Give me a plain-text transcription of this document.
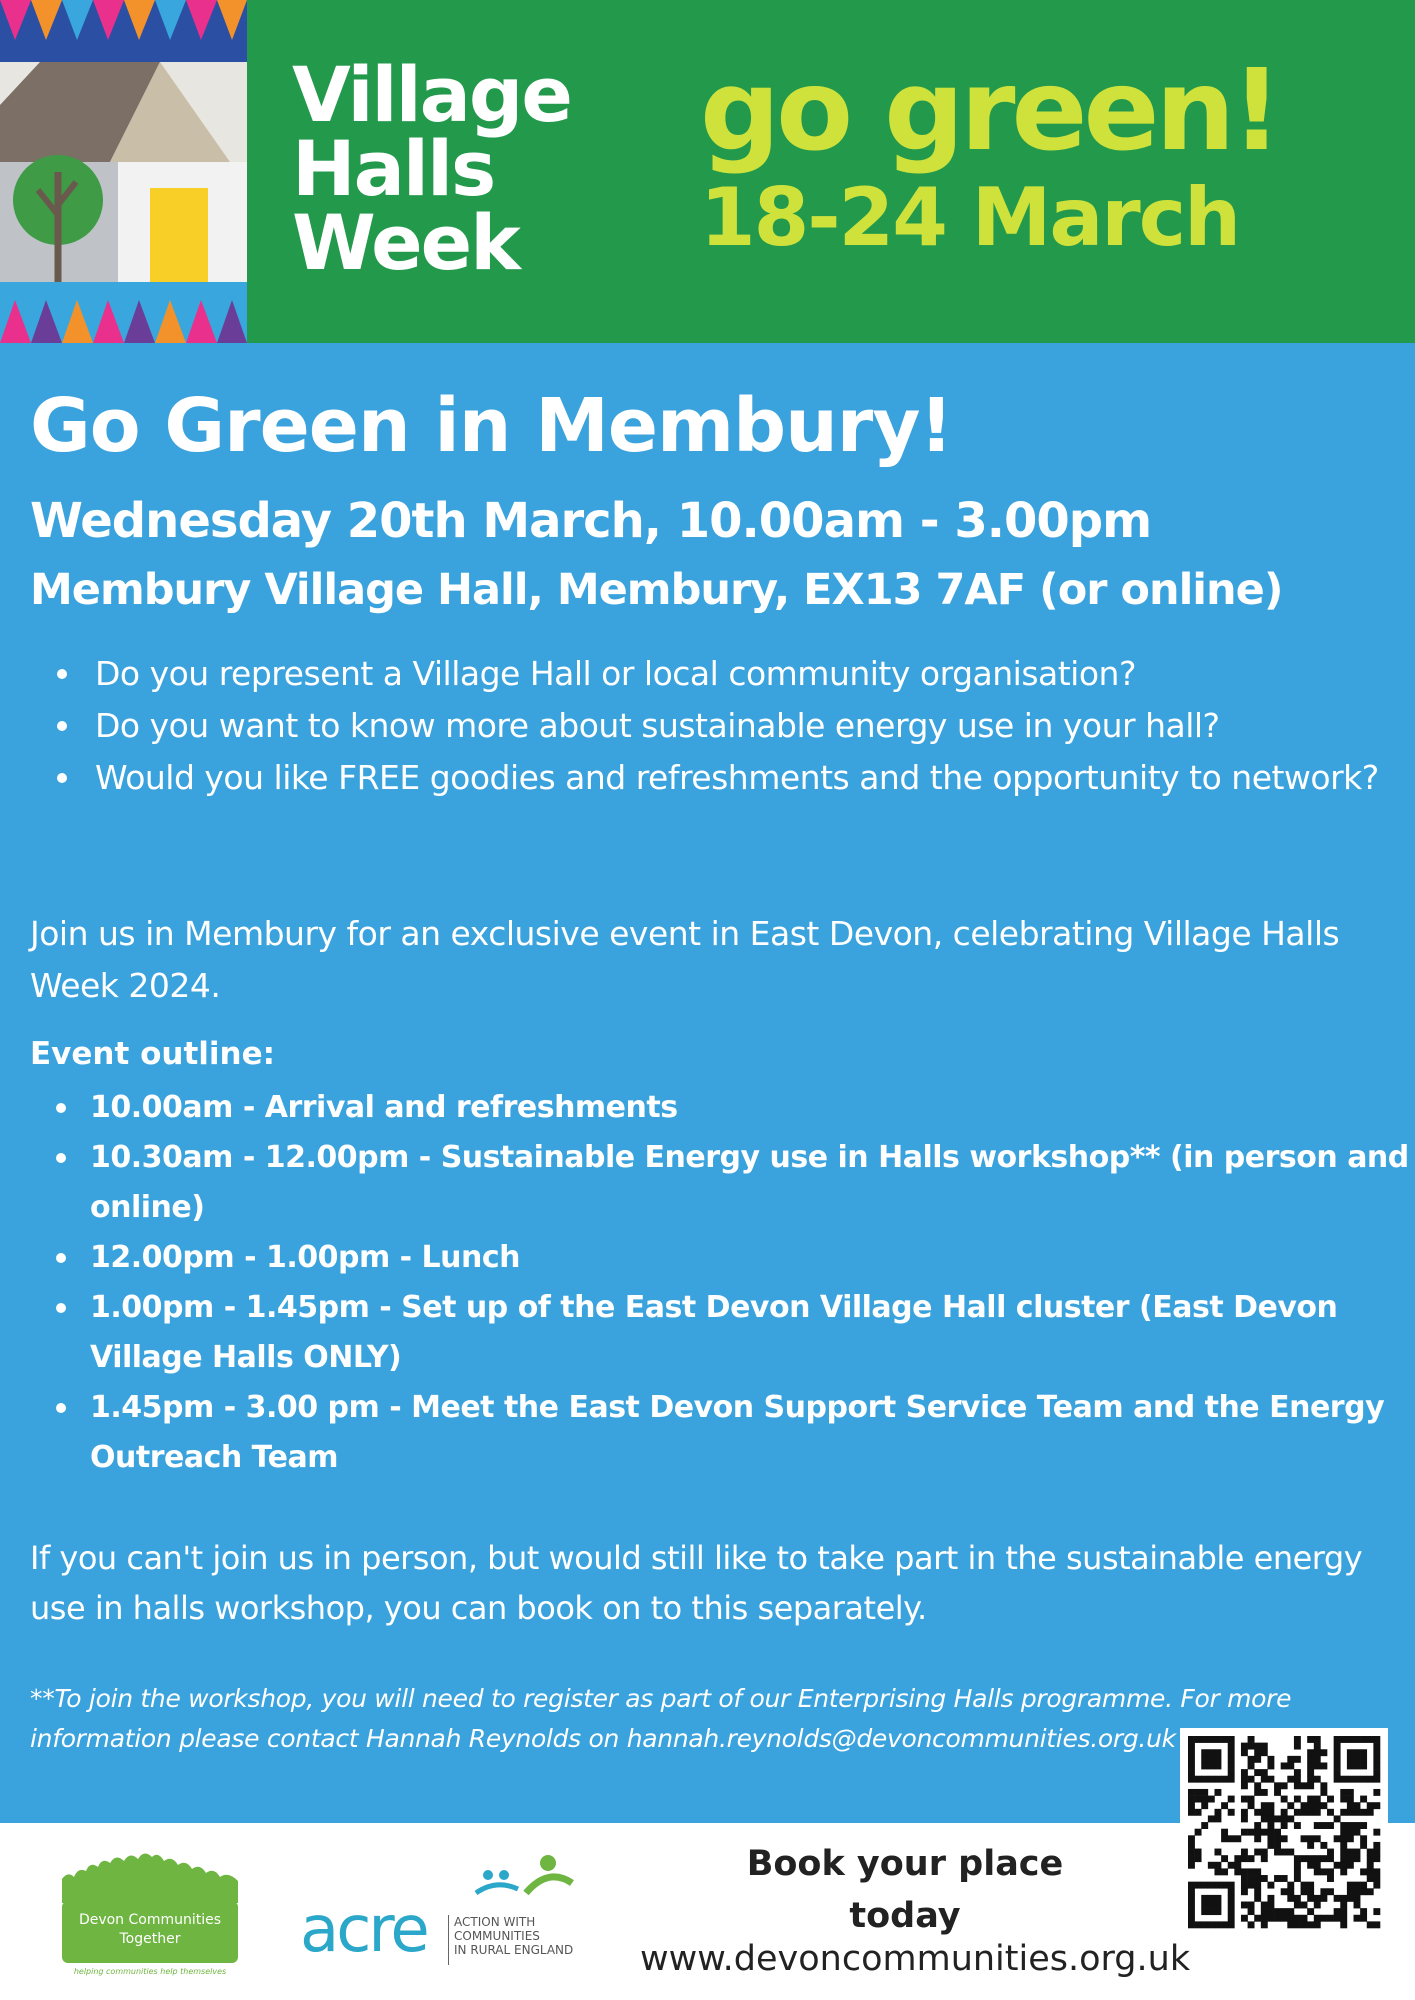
Village
Halls
Week
go green!
18-24 March
Go Green in Membury!
Wednesday 20th March, 10.00am - 3.00pm
Membury Village Hall, Membury, EX13 7AF (or online)
Do you represent a Village Hall or local community organisation?
Do you want to know more about sustainable energy use in your hall?
Would you like FREE goodies and refreshments and the opportunity to network?
Join us in Membury for an exclusive event in East Devon, celebrating Village Halls Week 2024.
Event outline:
10.00am - Arrival and refreshments
10.30am - 12.00pm - Sustainable Energy use in Halls workshop** (in person and online)
12.00pm - 1.00pm - Lunch
1.00pm - 1.45pm - Set up of the East Devon Village Hall cluster (East Devon Village Halls ONLY)
1.45pm - 3.00 pm - Meet the East Devon Support Service Team and the Energy Outreach Team
If you can't join us in person, but would still like to take part in the sustainable energy use in halls workshop, you can book on to this separately.
**To join the workshop, you will need to register as part of our Enterprising Halls programme. For more information please contact Hannah Reynolds on hannah.reynolds@devoncommunities.org.uk
Devon Communities Together
helping communities help themselves
acre ACTION WITH
COMMUNITIES
IN RURAL ENGLAND
Book your place
today
www.devoncommunities.org.uk
